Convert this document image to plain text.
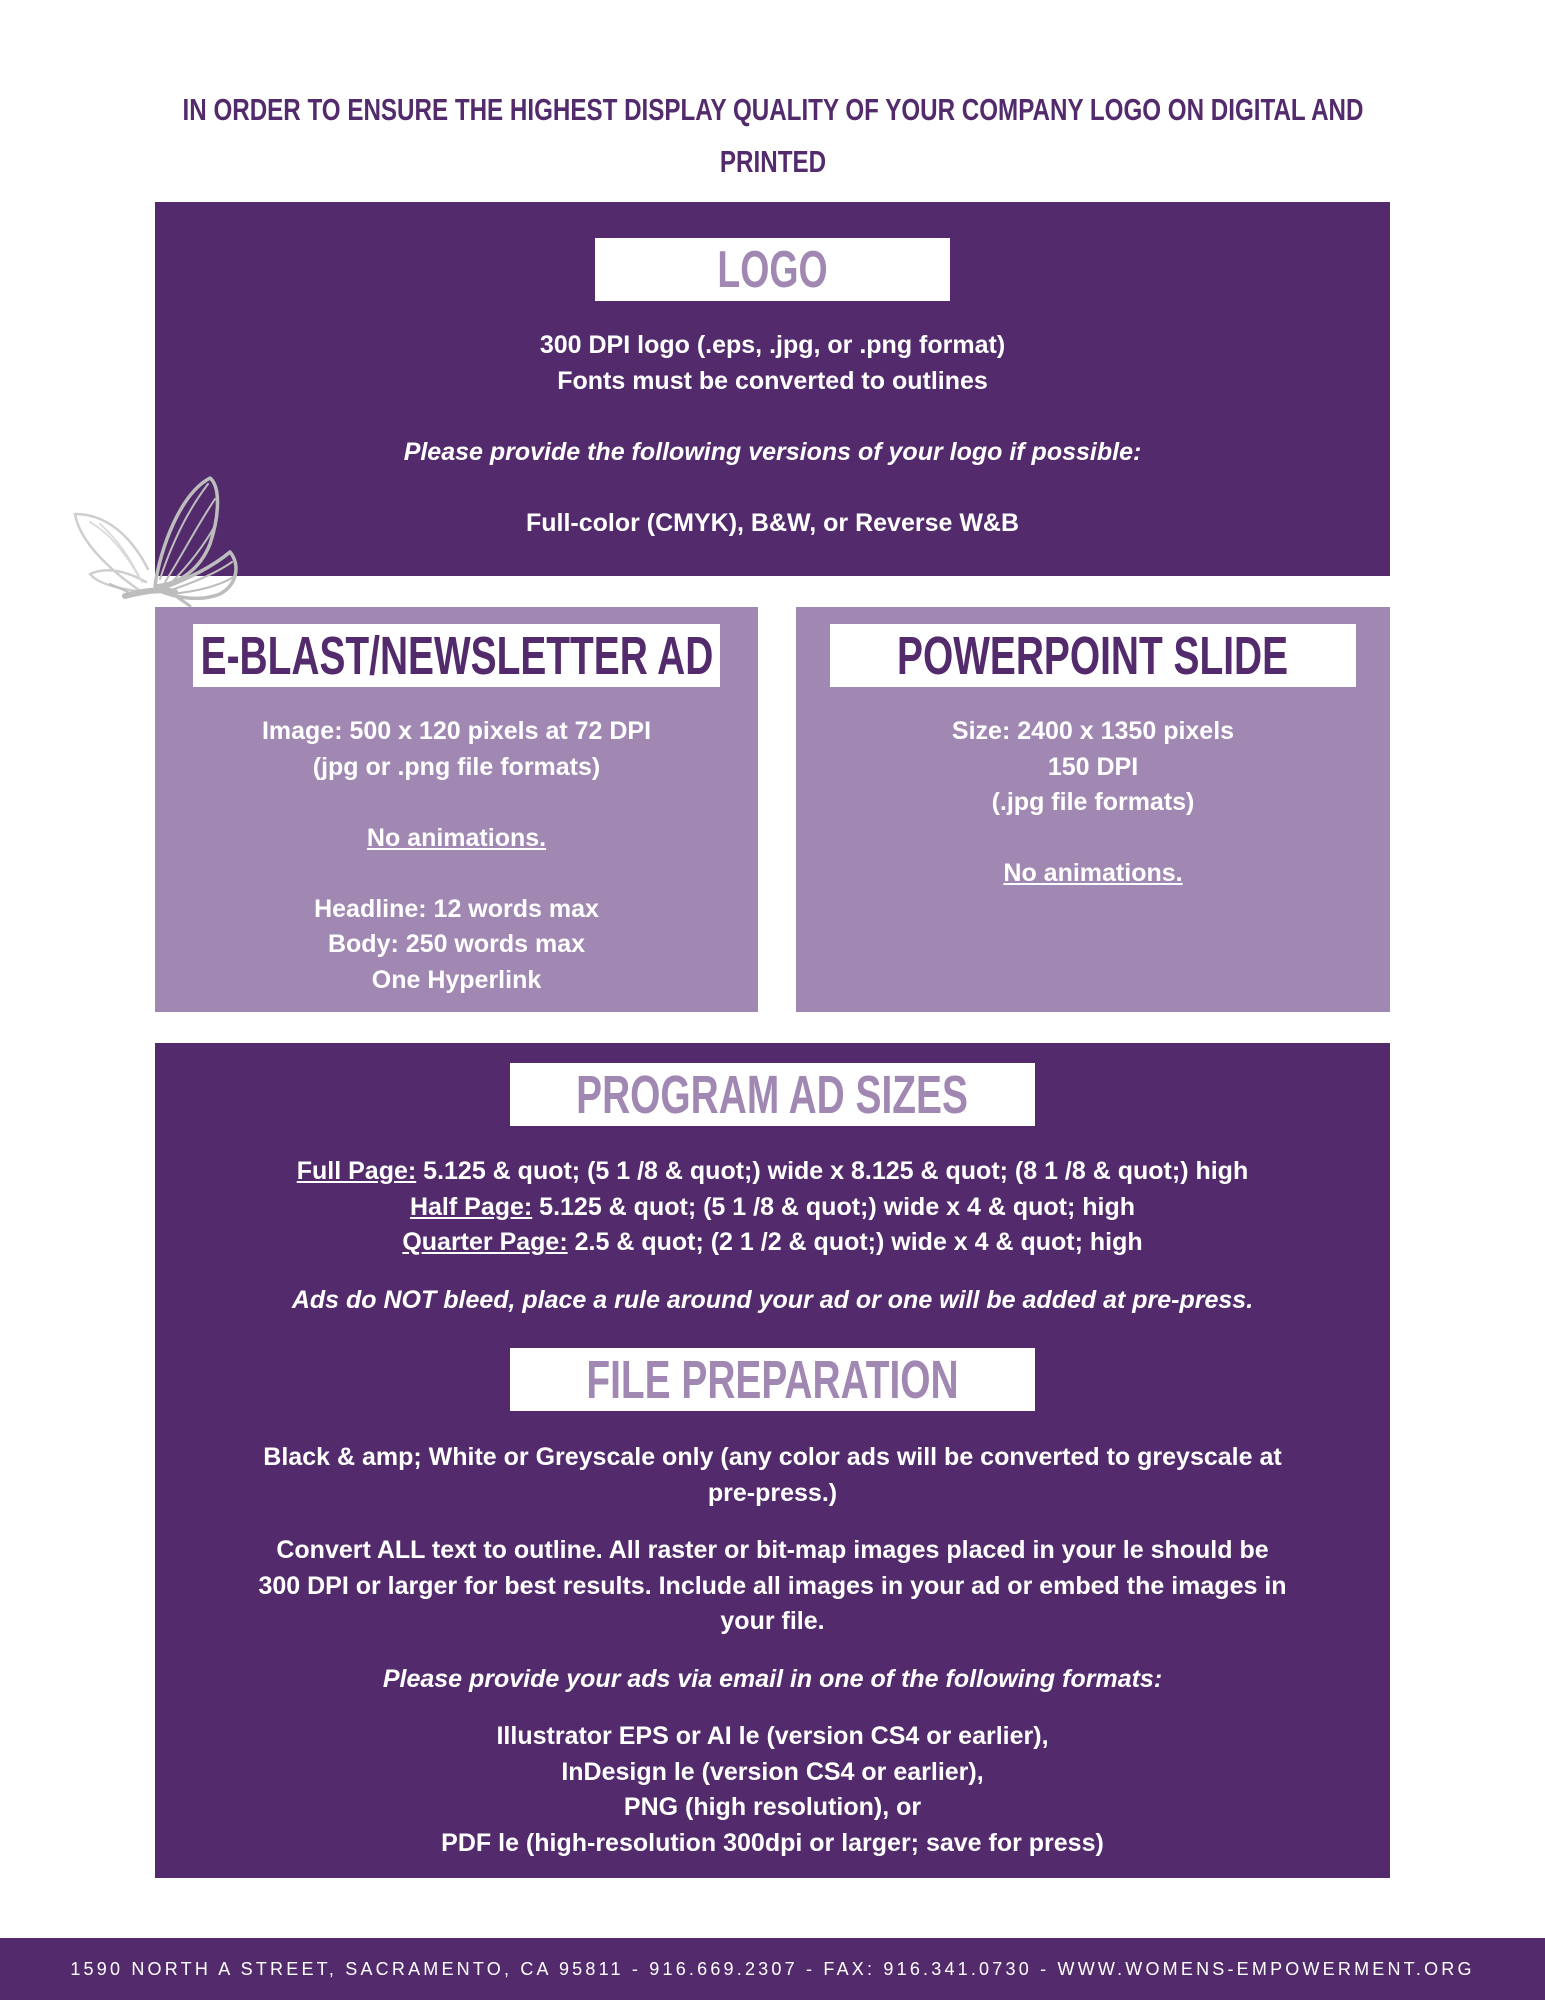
IN ORDER TO ENSURE THE HIGHEST DISPLAY QUALITY OF YOUR COMPANY LOGO ON DIGITAL AND PRINTED
LOGO

300 DPI logo (.eps, .jpg, or .png format)

Fonts must be converted to outlines

Please provide the following versions of your logo if possible:

Full-color (CMYK), B&W, or Reverse W&B

E-BLAST/NEWSLETTER AD

Image: 500 x 120 pixels at 72 DPI

(jpg or .png file formats)

No animations.

Headline: 12 words max

Body: 250 words max

One Hyperlink

POWERPOINT SLIDE

Size: 2400 x 1350 pixels

150 DPI

(.jpg file formats)

No animations.

PROGRAM AD SIZES

Full Page: 5.125 & quot; (5 1 /8 & quot;) wide x 8.125 & quot; (8 1 /8 & quot;) high

Half Page: 5.125 & quot; (5 1 /8 & quot;) wide x 4 & quot; high

Quarter Page: 2.5 & quot; (2 1 /2 & quot;) wide x 4 & quot; high

Ads do NOT bleed, place a rule around your ad or one will be added at pre-press.

FILE PREPARATION

Black & amp; White or Greyscale only (any color ads will be converted to greyscale at

pre-press.)

Convert ALL text to outline. All raster or bit-map images placed in your le should be

300 DPI or larger for best results. Include all images in your ad or embed the images in

your file.

Please provide your ads via email in one of the following formats:

Illustrator EPS or AI le (version CS4 or earlier),

InDesign le (version CS4 or earlier),

PNG (high resolution), or

PDF le (high-resolution 300dpi or larger; save for press)

1590 NORTH A STREET, SACRAMENTO, CA 95811 - 916.669.2307 - FAX: 916.341.0730 - WWW.WOMENS-EMPOWERMENT.ORG
